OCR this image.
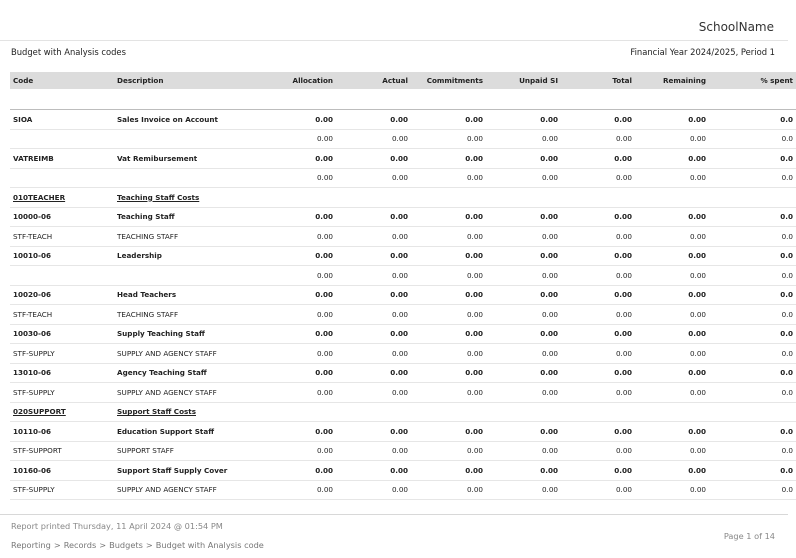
SchoolName
Budget with Analysis codes	Financial Year 2024/2025, Period 1
Code	Description	Allocation	Actual	Commitments	Unpaid SI	Total	Remaining	% spent

SIOA	Sales Invoice on Account	0.00	0.00	0.00	0.00	0.00	0.00	0.0
		0.00	0.00	0.00	0.00	0.00	0.00	0.0
VATREIMB	Vat Remibursement	0.00	0.00	0.00	0.00	0.00	0.00	0.0
		0.00	0.00	0.00	0.00	0.00	0.00	0.0
010TEACHER	Teaching Staff Costs							
10000-06	Teaching Staff	0.00	0.00	0.00	0.00	0.00	0.00	0.0
STF-TEACH	TEACHING STAFF	0.00	0.00	0.00	0.00	0.00	0.00	0.0
10010-06	Leadership	0.00	0.00	0.00	0.00	0.00	0.00	0.0
		0.00	0.00	0.00	0.00	0.00	0.00	0.0
10020-06	Head Teachers	0.00	0.00	0.00	0.00	0.00	0.00	0.0
STF-TEACH	TEACHING STAFF	0.00	0.00	0.00	0.00	0.00	0.00	0.0
10030-06	Supply Teaching Staff	0.00	0.00	0.00	0.00	0.00	0.00	0.0
STF-SUPPLY	SUPPLY AND AGENCY STAFF	0.00	0.00	0.00	0.00	0.00	0.00	0.0
13010-06	Agency Teaching Staff	0.00	0.00	0.00	0.00	0.00	0.00	0.0
STF-SUPPLY	SUPPLY AND AGENCY STAFF	0.00	0.00	0.00	0.00	0.00	0.00	0.0
020SUPPORT	Support Staff Costs							
10110-06	Education Support Staff	0.00	0.00	0.00	0.00	0.00	0.00	0.0
STF-SUPPORT	SUPPORT STAFF	0.00	0.00	0.00	0.00	0.00	0.00	0.0
10160-06	Support Staff Supply Cover	0.00	0.00	0.00	0.00	0.00	0.00	0.0
STF-SUPPLY	SUPPLY AND AGENCY STAFF	0.00	0.00	0.00	0.00	0.00	0.00	0.0
Report printed Thursday, 11 April 2024 @ 01:54 PM
Reporting > Records > Budgets > Budget with Analysis code
Page 1 of 14
